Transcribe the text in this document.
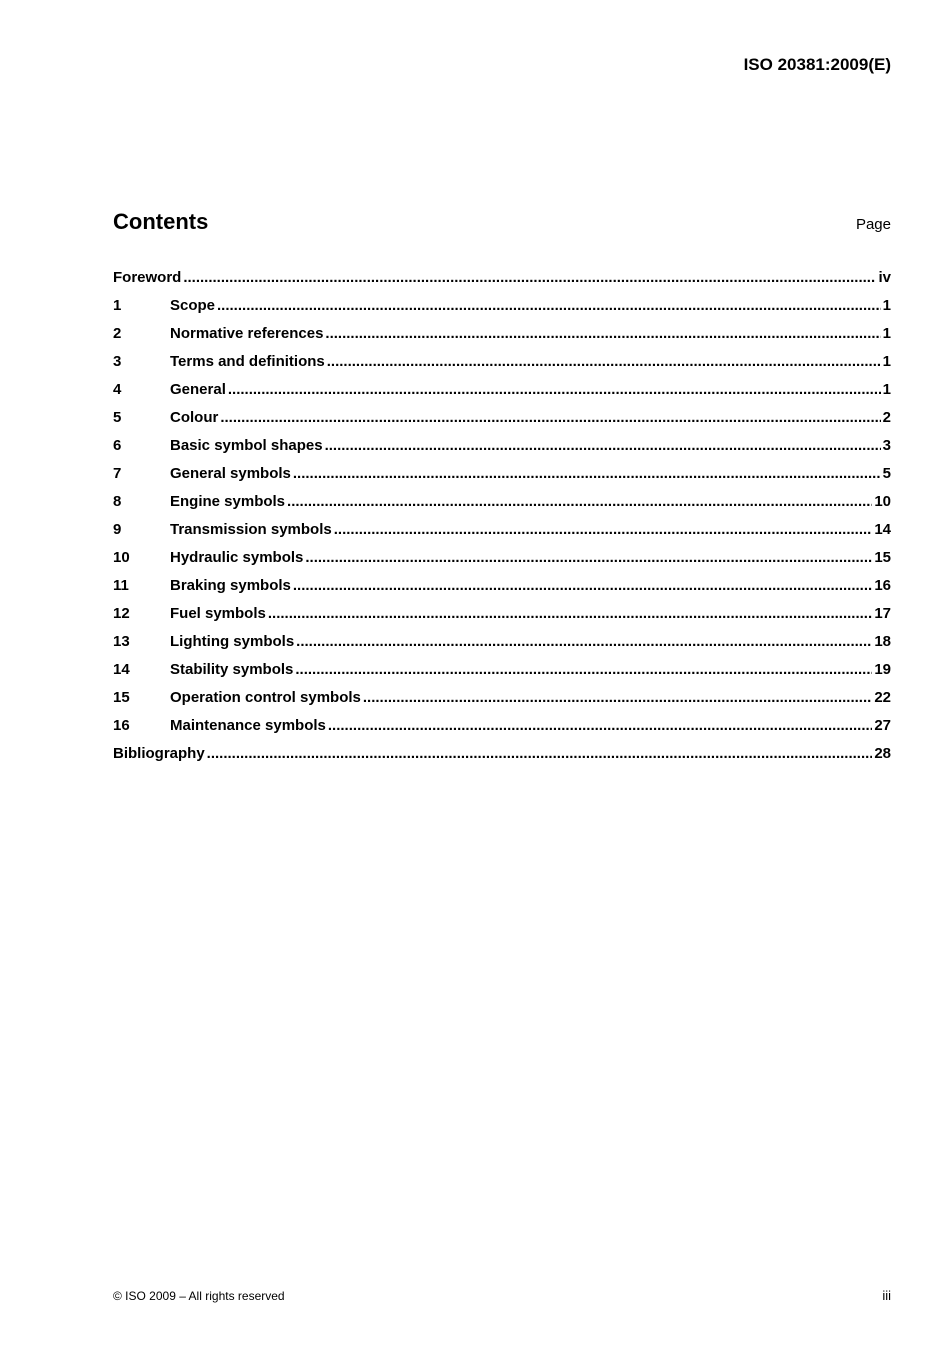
ISO 20381:2009(E)
Contents	Page
Foreword .....	iv
1	Scope .....	1
2	Normative references .....	1
3	Terms and definitions .....	1
4	General .....	1
5	Colour .....	2
6	Basic symbol shapes .....	3
7	General symbols .....	5
8	Engine symbols .....	10
9	Transmission symbols .....	14
10	Hydraulic symbols .....	15
11	Braking symbols .....	16
12	Fuel symbols .....	17
13	Lighting symbols .....	18
14	Stability symbols .....	19
15	Operation control symbols .....	22
16	Maintenance symbols .....	27
Bibliography .....	28
© ISO 2009 – All rights reserved	iii
